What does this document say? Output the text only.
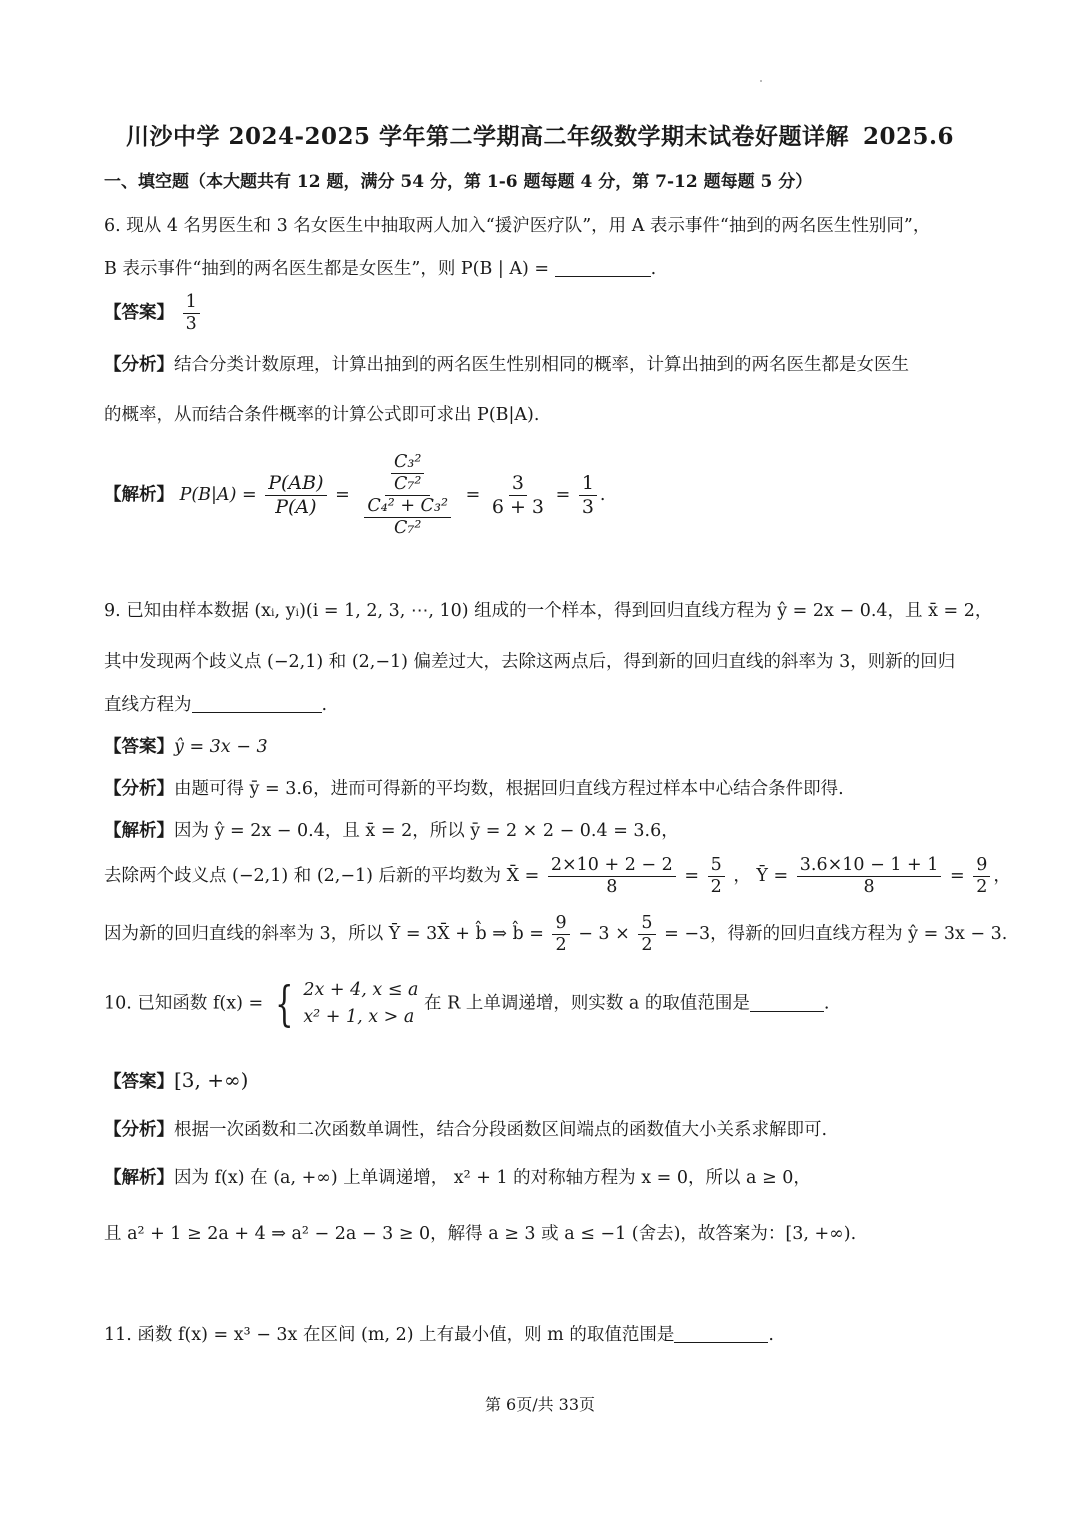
川沙中学 2024-2025 学年第二学期高二年级数学期末试卷好题详解 2025.6
一、填空题（本大题共有 12 题，满分 54 分，第 1-6 题每题 4 分，第 7-12 题每题 5 分）
6. 现从 4 名男医生和 3 名女医生中抽取两人加入“援沪医疗队”，用 A 表示事件“抽到的两名医生性别同”，
B 表示事件“抽到的两名医生都是女医生”，则 P(B | A) =	.
【答案】 $\frac{1}{3}$
【分析】结合分类计数原理，计算出抽到的两名医生性别相同的概率，计算出抽到的两名医生都是女医生
的概率，从而结合条件概率的计算公式即可求出 P(B|A).
【解析】 $P(B|A) = \frac{P(AB)}{P(A)} = \frac{\frac{\text{C₃²}}{\text{C₇²}}}{\frac{\text{C₄² + C₃²}}{\text{C₇²}}} = \frac{3}{6 + 3} = \frac{1}{3}$ .
9. 已知由样本数据 (xᵢ, yᵢ)(i = 1, 2, 3, ⋯, 10) 组成的一个样本，得到回归直线方程为 ŷ = 2x − 0.4，且 x̄ = 2，
其中发现两个歧义点 (−2,1) 和 (2,−1) 偏差过大，去除这两点后，得到新的回归直线的斜率为 3，则新的回归
直线方程为	.
【答案】ŷ = 3x − 3
【分析】由题可得 ȳ = 3.6，进而可得新的平均数，根据回归直线方程过样本中心结合条件即得.
【解析】因为 ŷ = 2x − 0.4，且 x̄ = 2，所以 ȳ = 2 × 2 − 0.4 = 3.6，
去除两个歧义点 (−2,1) 和 (2,−1) 后新的平均数为 X̄ = $\frac{2\times 10 + 2 - 2}{8} = \frac{5}{2}$ ， Ȳ = $\frac{3.6\times 10 - 1 + 1}{8} = \frac{9}{2}$ ，
因为新的回归直线的斜率为 3，所以 Ȳ = 3X̄ + b̂ ⇒ b̂ = $\frac{9}{2} - 3 \times \frac{5}{2} = -3$，得新的回归直线方程为 ŷ = 3x − 3.
10. 已知函数 f(x) = { 2x + 4, x ≤ a
x² + 1, x > a
在 R 上单调递增，则实数 a 的取值范围是	.
【答案】[3, +∞)
【分析】根据一次函数和二次函数单调性，结合分段函数区间端点的函数值大小关系求解即可.
【解析】因为 f(x) 在 (a, +∞) 上单调递增， x² + 1 的对称轴方程为 x = 0，所以 a ≥ 0，
且 a² + 1 ≥ 2a + 4 ⇒ a² − 2a − 3 ≥ 0，解得 a ≥ 3 或 a ≤ −1 (舍去)，故答案为：[3, +∞).
11. 函数 f(x) = x³ − 3x 在区间 (m, 2) 上有最小值，则 m 的取值范围是	.
第 6页/共 33页
